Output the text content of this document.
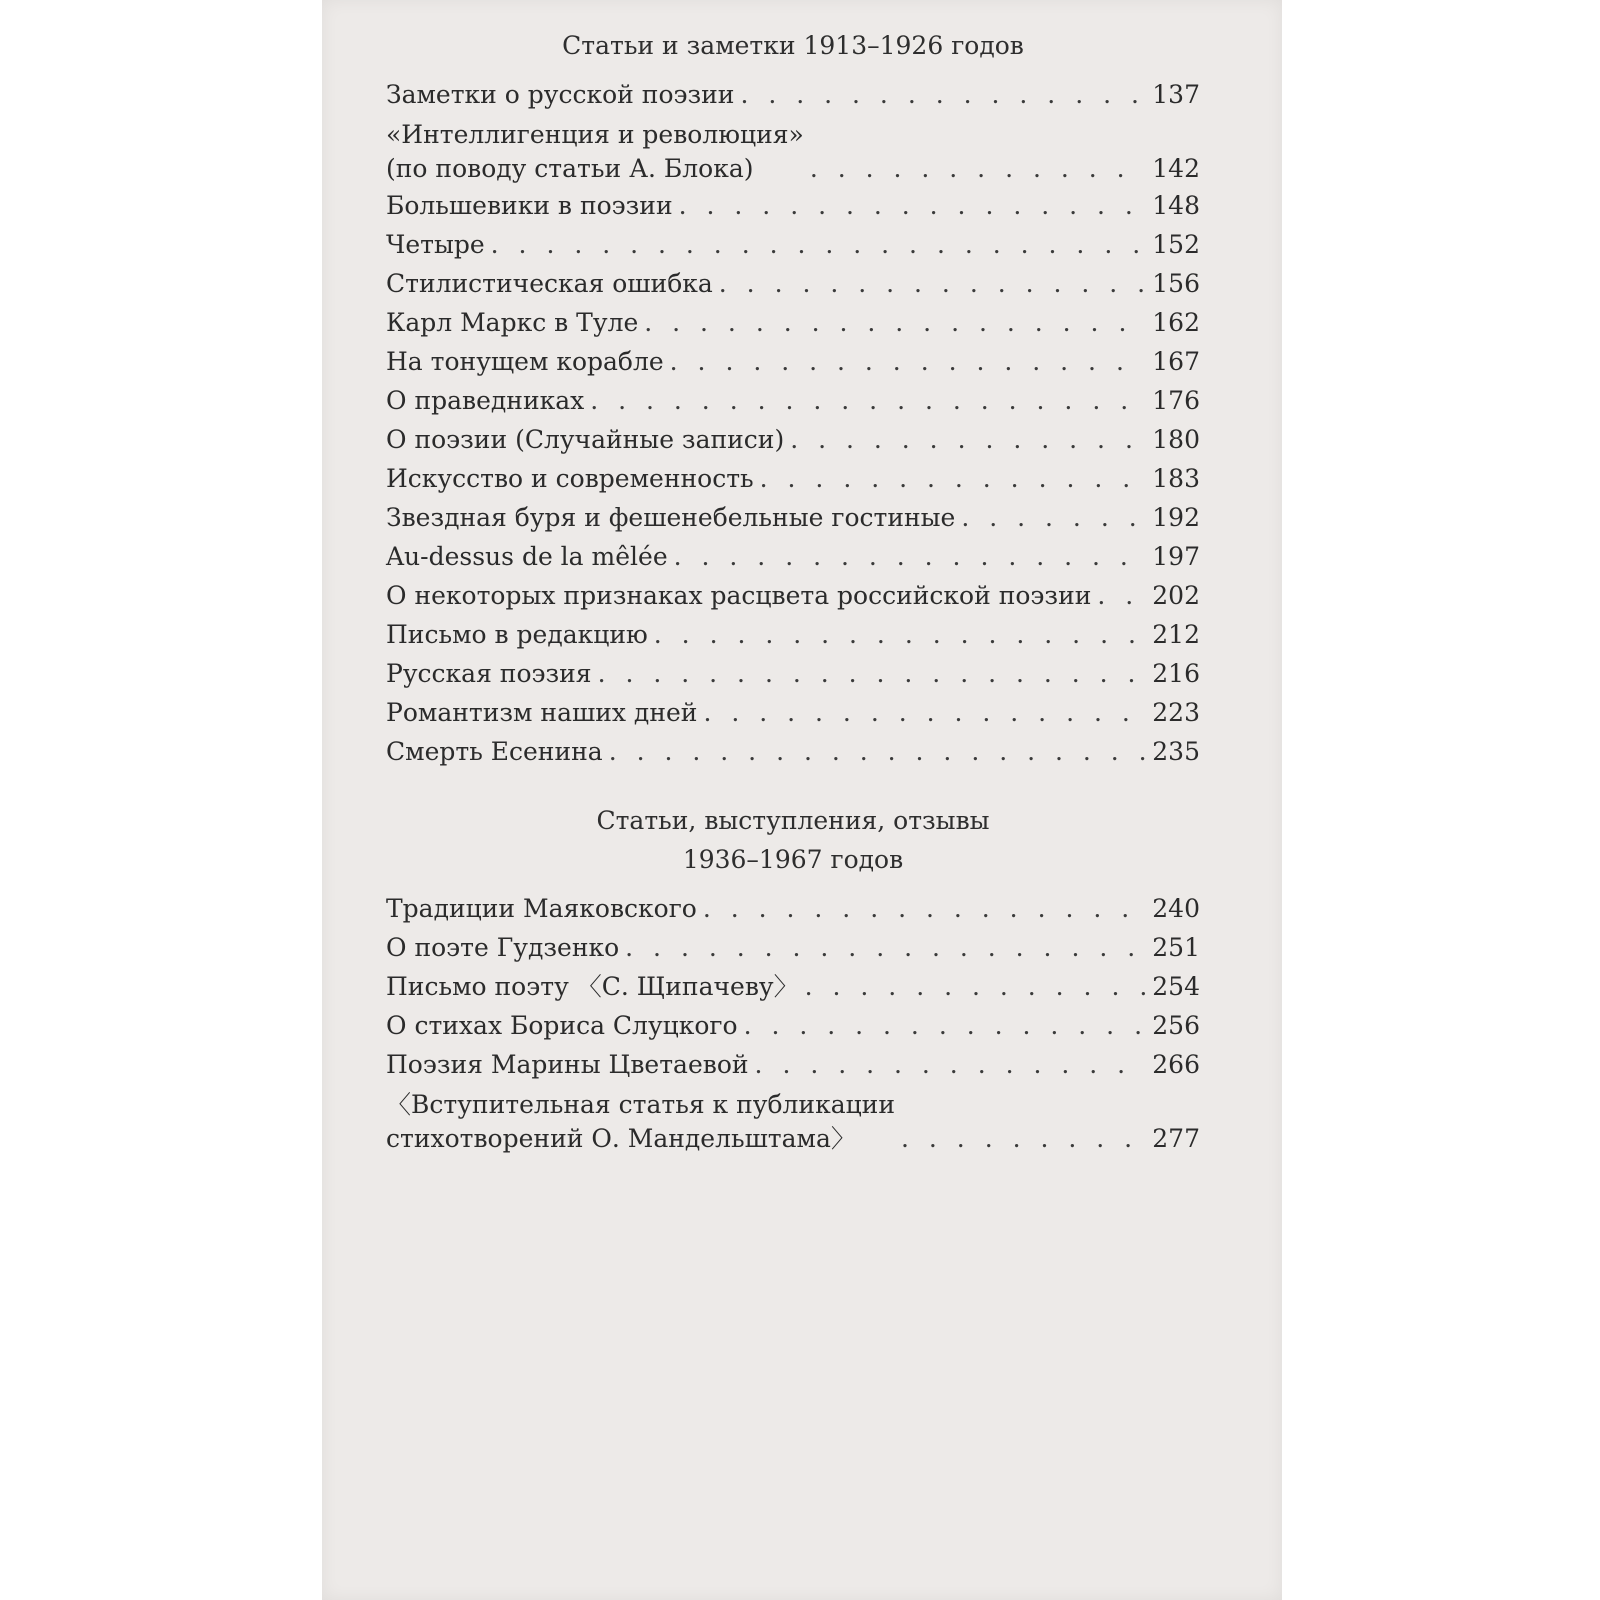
Статьи и заметки 1913–1926 годов
Заметки о русской поэзии . . .	137
«Интеллигенция и революция»
(по поводу статьи А. Блока) . . .	142
Большевики в поэзии . . .	148
Четыре . . .	152
Стилистическая ошибка . . .	156
Карл Маркс в Туле . . .	162
На тонущем корабле . . .	167
О праведниках . . .	176
О поэзии (Случайные записи) . . .	180
Искусство и современность . . .	183
Звездная буря и фешенебельные гостиные . . .	192
Au-dessus de la mêlée . . .	197
О некоторых признаках расцвета российской поэзии . . . 202
Письмо в редакцию . . .	212
Русская поэзия . . .	216
Романтизм наших дней . . .	223
Смерть Есенина . . .	235
Статьи, выступления, отзывы
1936–1967 годов
Традиции Маяковского . . .	240
О поэте Гудзенко . . .	251
Письмо поэту 〈С. Щипачеву〉 . . .	254
О стихах Бориса Слуцкого . . .	256
Поэзия Марины Цветаевой . . .	266
〈Вступительная статья к публикации
стихотворений О. Мандельштама〉 . . .	277
